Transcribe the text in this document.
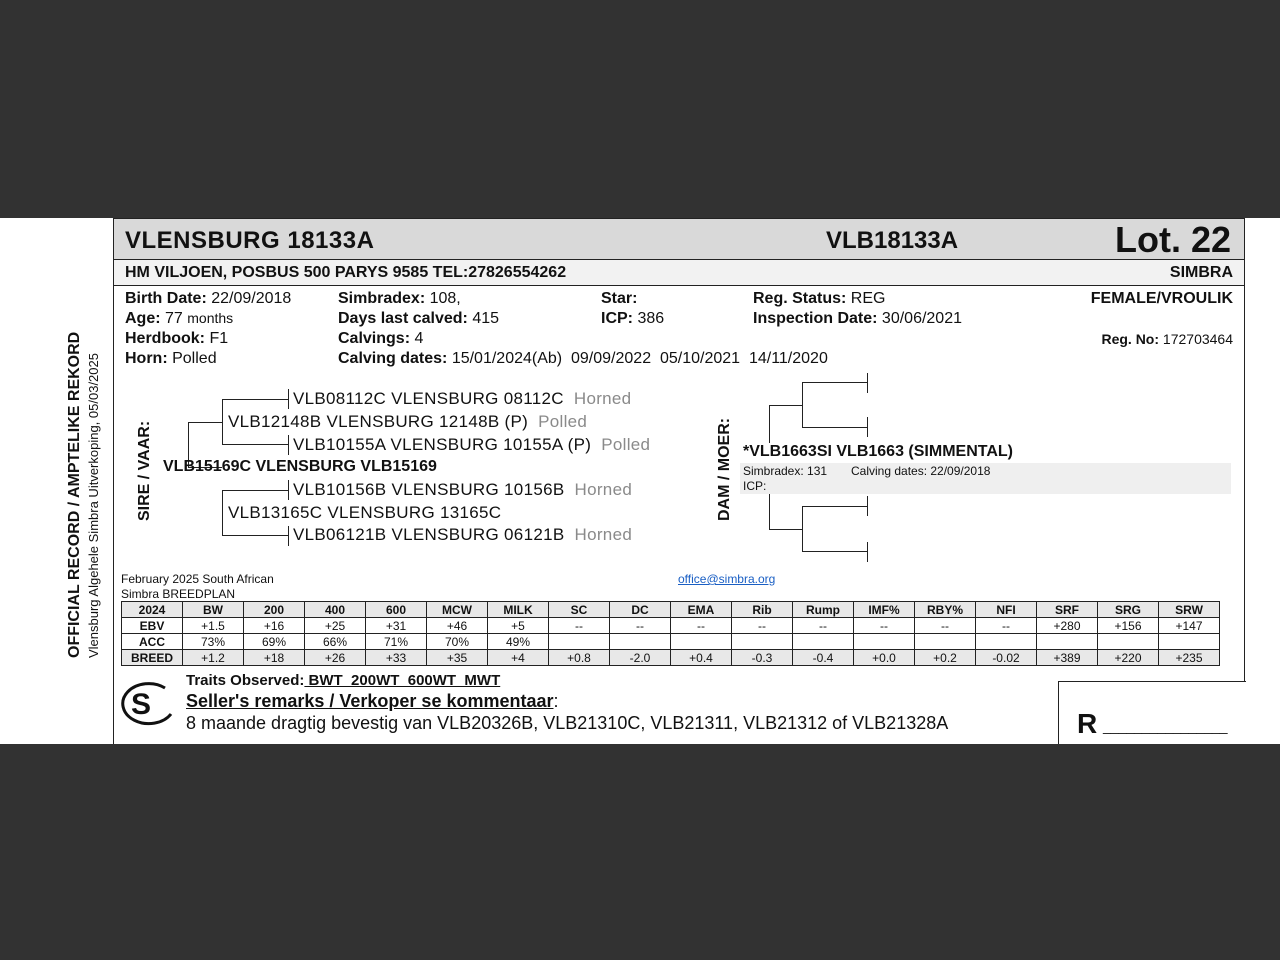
OFFICIAL RECORD / AMPTELIKE REKORD Vlensburg Algehele Simbra Uitverkoping, 05/03/2025
VLENSBURG 18133A	VLB18133A	Lot. 22
HM VILJOEN, POSBUS 500 PARYS 9585 TEL:27826554262	SIMBRA
Birth Date: 22/09/2018
Age: 77 months
Herdbook: F1
Horn: Polled
Simbradex: 108,
Days last calved: 415
Calvings: 4
Calving dates: 15/01/2024(Ab)  09/09/2022  05/10/2021  14/11/2020
Star:
ICP: 386
Reg. Status: REG
Inspection Date: 30/06/2021
FEMALE/VROULIK
Reg. No: 172703464
SIRE / VAAR:
VLB08112C VLENSBURG 08112C Horned
VLB12148B VLENSBURG 12148B (P) Polled
VLB10155A VLENSBURG 10155A (P) Polled
VLB15169C VLENSBURG VLB15169
VLB10156B VLENSBURG 10156B Horned
VLB13165C VLENSBURG 13165C
VLB06121B VLENSBURG 06121B Horned
DAM / MOER: *VLB1663SI VLB1663 (SIMMENTAL)
Simbradex: 131 Calving dates: 22/09/2018
ICP:
February 2025 South African
Simbra BREEDPLAN
office@simbra.org
2024	BW	200	400	600	MCW	MILK	SC	DC	EMA	Rib	Rump	IMF%	RBY%	NFI	SRF	SRG	SRW
EBV	+1.5	+16	+25	+31	+46	+5	--	--	--	--	--	--	--	--	+280	+156	+147
ACC	73%	69%	66%	71%	70%	49%											
BREED	+1.2	+18	+26	+33	+35	+4	+0.8	-2.0	+0.4	-0.3	-0.4	+0.0	+0.2	-0.02	+389	+220	+235
S
Traits Observed: BWT  200WT  600WT  MWT
Seller's remarks / Verkoper se kommentaar:
8 maande dragtig bevestig van VLB20326B, VLB21310C, VLB21311, VLB21312 of VLB21328A	R ________________
